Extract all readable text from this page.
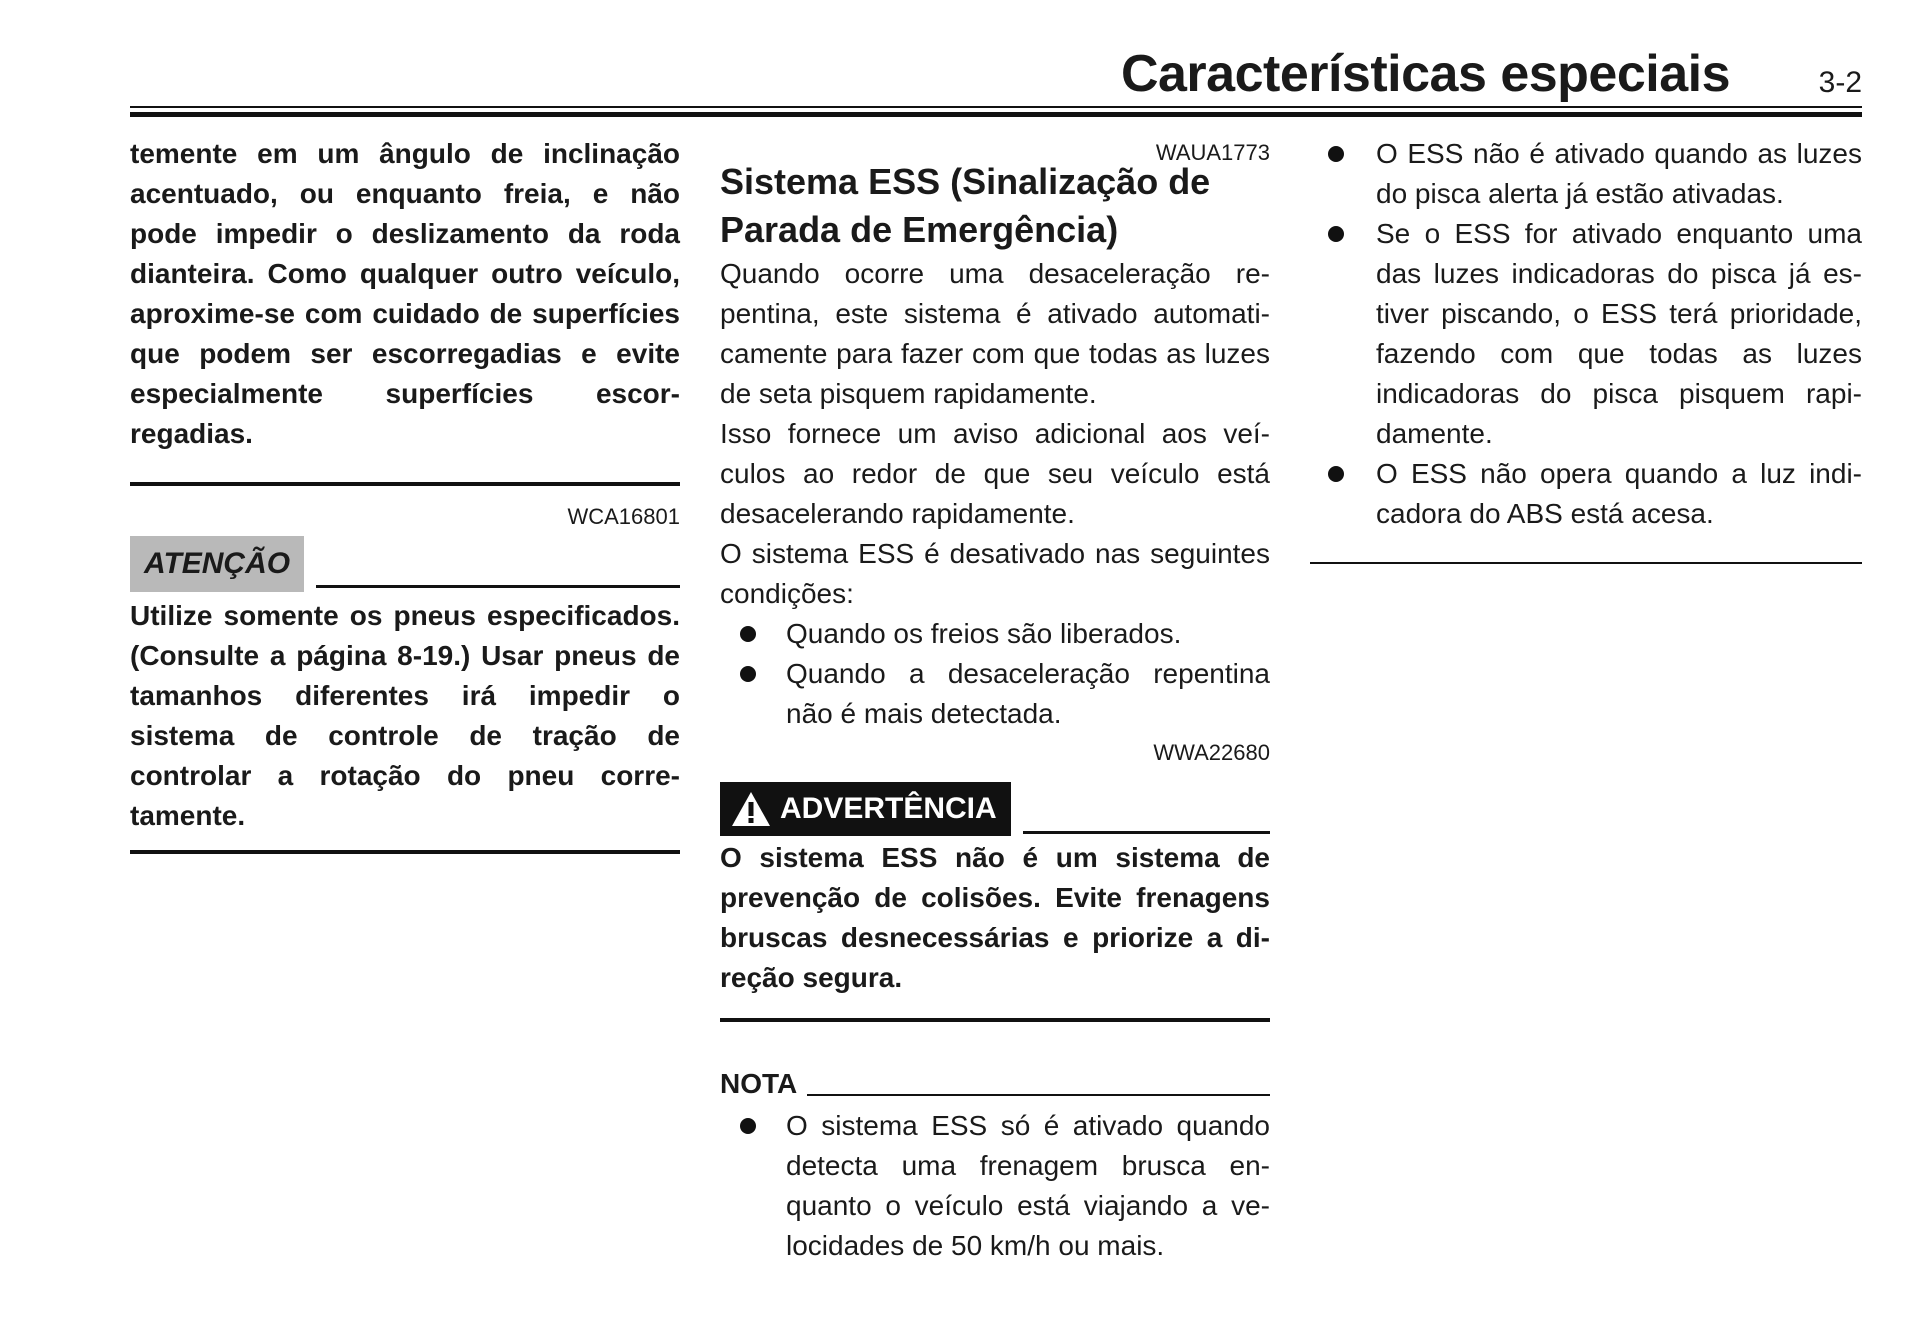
Características especiais	3-2

temente em um ângulo de inclinação acentuado, ou enquanto freia, e não pode impedir o deslizamento da roda dianteira. Como qualquer outro veículo, aproxime-se com cuidado de superfícies que podem ser escorregadias e evite especialmente superfícies escorregadias.

WCA16801
ATENÇÃO

Utilize somente os pneus especificados. (Consulte a página 8-19.) Usar pneus de tamanhos diferentes irá impedir o sistema de controle de tração de controlar a rotação do pneu corretamente.

WAUA1773
Sistema ESS (Sinalização de Parada de Emergência)

Quando ocorre uma desaceleração repentina, este sistema é ativado automaticamente para fazer com que todas as luzes de seta pisquem rapidamente.

Isso fornece um aviso adicional aos veículos ao redor de que seu veículo está desacelerando rapidamente.

O sistema ESS é desativado nas seguintes condições:

Quando os freios são liberados.
Quando a desaceleração repentina não é mais detectada.
WWA22680
ADVERTÊNCIA

O sistema ESS não é um sistema de prevenção de colisões. Evite frenagens bruscas desnecessárias e priorize a direção segura.

NOTA
O sistema ESS só é ativado quando detecta uma frenagem brusca enquanto o veículo está viajando a velocidades de 50 km/h ou mais.
O ESS não é ativado quando as luzes do pisca alerta já estão ativadas.
Se o ESS for ativado enquanto uma das luzes indicadoras do pisca já estiver piscando, o ESS terá prioridade, fazendo com que todas as luzes indicadoras do pisca pisquem rapidamente.
O ESS não opera quando a luz indicadora do ABS está acesa.
